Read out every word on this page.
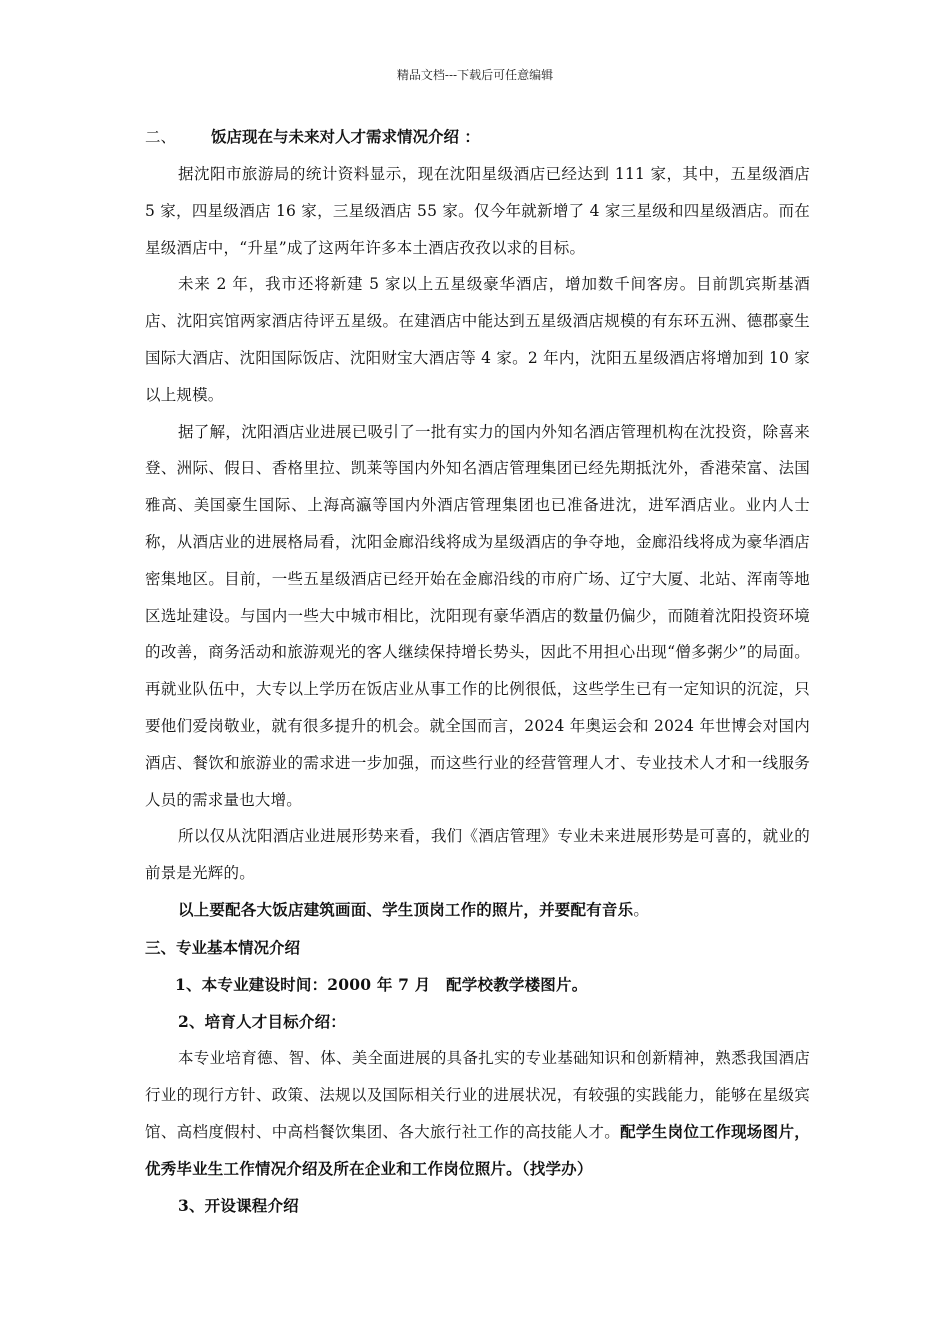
精品文档---下载后可任意编辑

二、 饭店现在与未来对人才需求情况介绍 ：

据沈阳市旅游局的统计资料显示，现在沈阳星级酒店已经达到 111 家，其中，五星级酒店 5 家，四星级酒店 16 家，三星级酒店 55 家。仅今年就新增了 4 家三星级和四星级酒店。而在星级酒店中，“升星”成了这两年许多本土酒店孜孜以求的目标。

未来 2 年，我市还将新建 5 家以上五星级豪华酒店，增加数千间客房。目前凯宾斯基酒店、沈阳宾馆两家酒店待评五星级。在建酒店中能达到五星级酒店规模的有东环五洲、德郡豪生国际大酒店、沈阳国际饭店、沈阳财宝大酒店等 4 家。2 年内，沈阳五星级酒店将增加到 10 家以上规模。

据了解，沈阳酒店业进展已吸引了一批有实力的国内外知名酒店管理机构在沈投资，除喜来登、洲际、假日、香格里拉、凯莱等国内外知名酒店管理集团已经先期抵沈外，香港荣富、法国雅高、美国豪生国际、上海高瀛等国内外酒店管理集团也已准备进沈，进军酒店业。业内人士称，从酒店业的进展格局看，沈阳金廊沿线将成为星级酒店的争夺地，金廊沿线将成为豪华酒店密集地区。目前，一些五星级酒店已经开始在金廊沿线的市府广场、辽宁大厦、北站、浑南等地区选址建设。与国内一些大中城市相比，沈阳现有豪华酒店的数量仍偏少，而随着沈阳投资环境的改善，商务活动和旅游观光的客人继续保持增长势头，因此不用担心出现“僧多粥少”的局面。再就业队伍中，大专以上学历在饭店业从事工作的比例很低，这些学生已有一定知识的沉淀，只要他们爱岗敬业，就有很多提升的机会。就全国而言，2024 年奥运会和 2024 年世博会对国内酒店、餐饮和旅游业的需求进一步加强，而这些行业的经营管理人才、专业技术人才和一线服务人员的需求量也大增。

所以仅从沈阳酒店业进展形势来看，我们《酒店管理》专业未来进展形势是可喜的，就业的前景是光辉的。

以上要配各大饭店建筑画面、学生顶岗工作的照片，并要配有音乐。

三、专业基本情况介绍

1、本专业建设时间：2000 年 7 月　配学校教学楼图片。

2、培育人才目标介绍：

本专业培育德、智、体、美全面进展的具备扎实的专业基础知识和创新精神，熟悉我国酒店行业的现行方针、政策、法规以及国际相关行业的进展状况，有较强的实践能力，能够在星级宾馆、高档度假村、中高档餐饮集团、各大旅行社工作的高技能人才。配学生岗位工作现场图片，优秀毕业生工作情况介绍及所在企业和工作岗位照片。（找学办）

3、开设课程介绍
